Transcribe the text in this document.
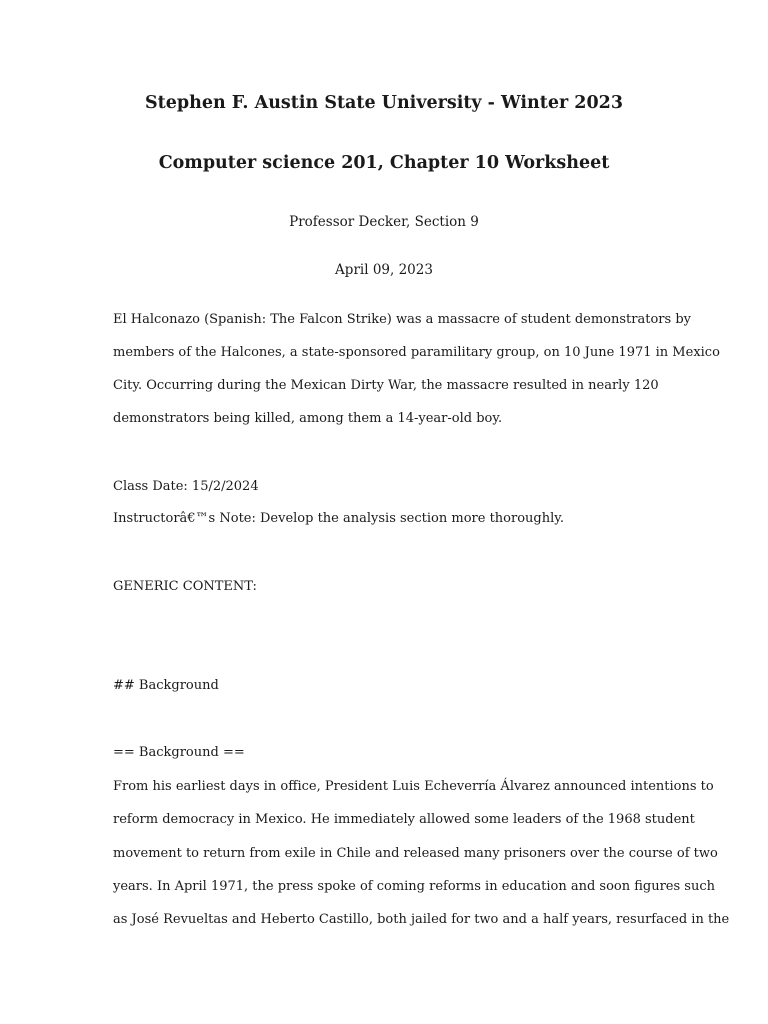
Stephen F. Austin State University - Winter 2023
Computer science 201, Chapter 10 Worksheet

Professor Decker, Section 9

April 09, 2023

El Halconazo (Spanish: The Falcon Strike) was a massacre of student demonstrators by

members of the Halcones, a state-sponsored paramilitary group, on 10 June 1971 in Mexico

City. Occurring during the Mexican Dirty War, the massacre resulted in nearly 120

demonstrators being killed, among them a 14-year-old boy.

Class Date: 15/2/2024

Instructorâ€™s Note: Develop the analysis section more thoroughly.

GENERIC CONTENT:

## Background

== Background ==

From his earliest days in office, President Luis Echeverría Álvarez announced intentions to

reform democracy in Mexico. He immediately allowed some leaders of the 1968 student

movement to return from exile in Chile and released many prisoners over the course of two

years. In April 1971, the press spoke of coming reforms in education and soon figures such

as José Revueltas and Heberto Castillo, both jailed for two and a half years, resurfaced in the
